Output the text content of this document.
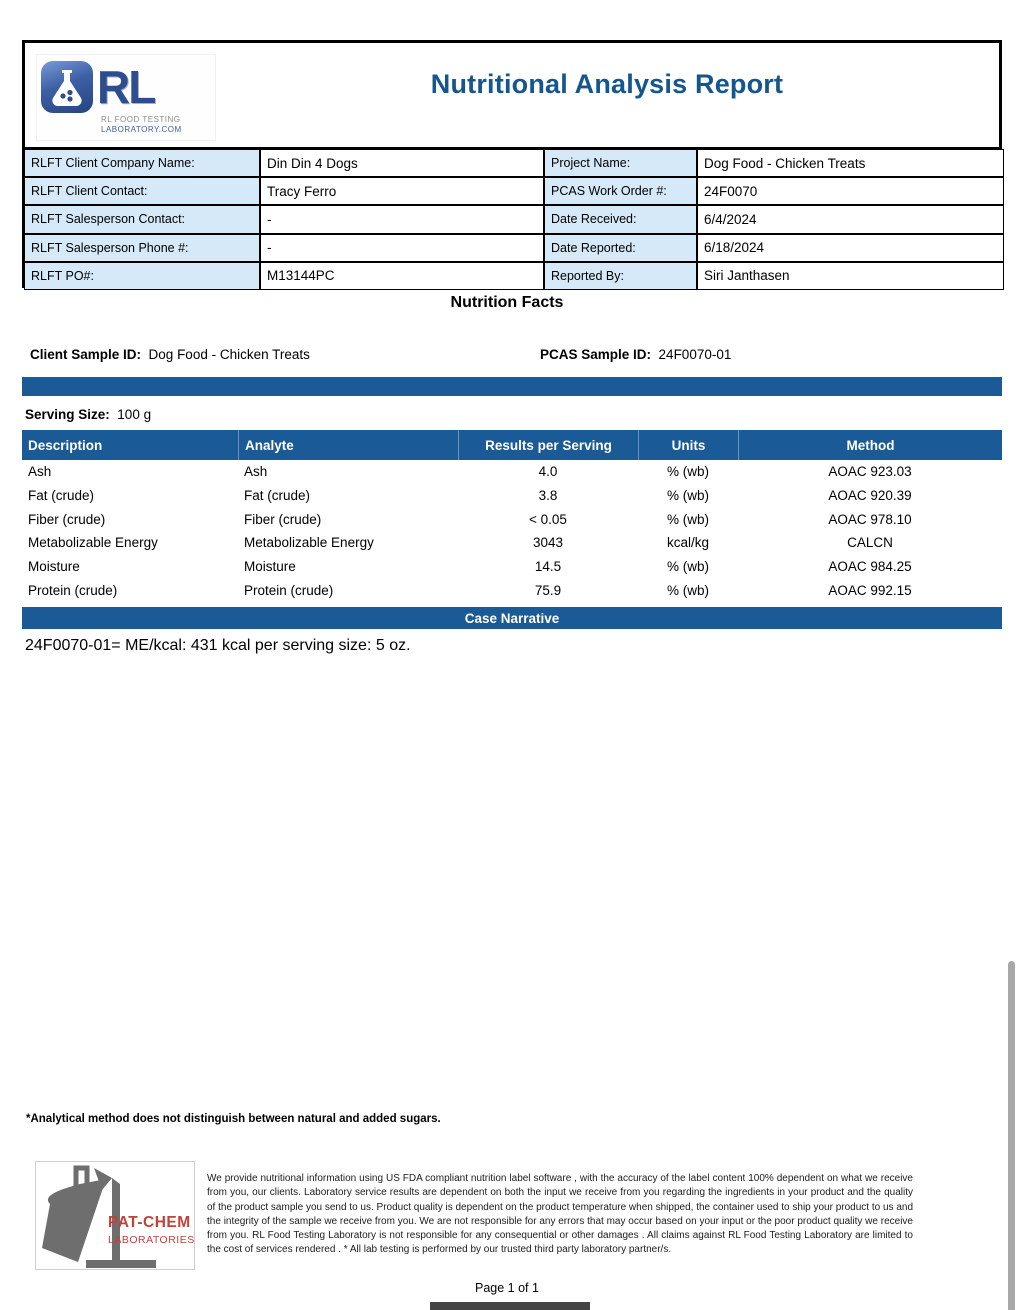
RL
RL FOOD TESTING
LABORATORY.COM
Nutritional Analysis Report
RLFT Client Company Name:	Din Din 4 Dogs	Project Name:	Dog Food - Chicken Treats
RLFT Client Contact:	Tracy Ferro	PCAS Work Order #:	24F0070
RLFT Salesperson Contact:	-	Date Received:	6/4/2024
RLFT Salesperson Phone #:	-	Date Reported:	6/18/2024
RLFT PO#:	M13144PC	Reported By:	Siri Janthasen
Nutrition Facts
Client Sample ID: Dog Food - Chicken Treats	PCAS Sample ID: 24F0070-01
Serving Size: 100 g
Description	Analyte	Results per Serving	Units	Method
Ash	Ash	4.0	% (wb)	AOAC 923.03
Fat (crude)	Fat (crude)	3.8	% (wb)	AOAC 920.39
Fiber (crude)	Fiber (crude)	< 0.05	% (wb)	AOAC 978.10
Metabolizable Energy	Metabolizable Energy	3043	kcal/kg	CALCN
Moisture	Moisture	14.5	% (wb)	AOAC 984.25
Protein (crude)	Protein (crude)	75.9	% (wb)	AOAC 992.15
Case Narrative
24F0070-01= ME/kcal: 431 kcal per serving size: 5 oz.
*Analytical method does not distinguish between natural and added sugars.
PAT-CHEM
LABORATORIES
We provide nutritional information using US FDA compliant nutrition label software , with the accuracy of the label content 100% dependent on what we receive from you, our clients. Laboratory service results are dependent on both the input we receive from you regarding the ingredients in your product and the quality of the product sample you send to us. Product quality is dependent on the product temperature when shipped, the container used to ship your product to us and the integrity of the sample we receive from you. We are not responsible for any errors that may occur based on your input or the poor product quality we receive from you. RL Food Testing Laboratory is not responsible for any consequential or other damages . All claims against RL Food Testing Laboratory are limited to the cost of services rendered . * All lab testing is performed by our trusted third party laboratory partner/s.
Page 1 of 1
